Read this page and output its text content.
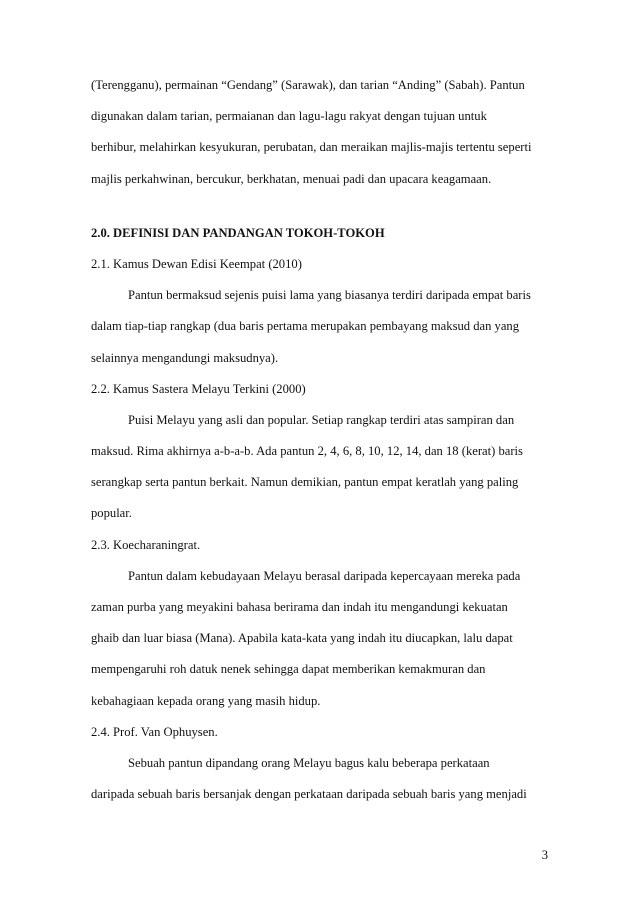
(Terengganu), permainan “Gendang” (Sarawak), dan tarian “Anding” (Sabah). Pantun
digunakan dalam tarian, permaianan dan lagu-lagu rakyat dengan tujuan untuk
berhibur, melahirkan kesyukuran, perubatan, dan meraikan majlis-majis tertentu seperti
majlis perkahwinan, bercukur, berkhatan, menuai padi dan upacara keagamaan.
2.0. DEFINISI DAN PANDANGAN TOKOH-TOKOH
2.1. Kamus Dewan Edisi Keempat (2010)
Pantun bermaksud sejenis puisi lama yang biasanya terdiri daripada empat baris
dalam tiap-tiap rangkap (dua baris pertama merupakan pembayang maksud dan yang
selainnya mengandungi maksudnya).
2.2. Kamus Sastera Melayu Terkini (2000)
Puisi Melayu yang asli dan popular. Setiap rangkap terdiri atas sampiran dan
maksud. Rima akhirnya a-b-a-b. Ada pantun 2, 4, 6, 8, 10, 12, 14, dan 18 (kerat) baris
serangkap serta pantun berkait. Namun demikian, pantun empat keratlah yang paling
popular.
2.3. Koecharaningrat.
Pantun dalam kebudayaan Melayu berasal daripada kepercayaan mereka pada
zaman purba yang meyakini bahasa berirama dan indah itu mengandungi kekuatan
ghaib dan luar biasa (Mana). Apabila kata-kata yang indah itu diucapkan, lalu dapat
mempengaruhi roh datuk nenek sehingga dapat memberikan kemakmuran dan
kebahagiaan kepada orang yang masih hidup.
2.4. Prof. Van Ophuysen.
Sebuah pantun dipandang orang Melayu bagus kalu beberapa perkataan
daripada sebuah baris bersanjak dengan perkataan daripada sebuah baris yang menjadi
3
